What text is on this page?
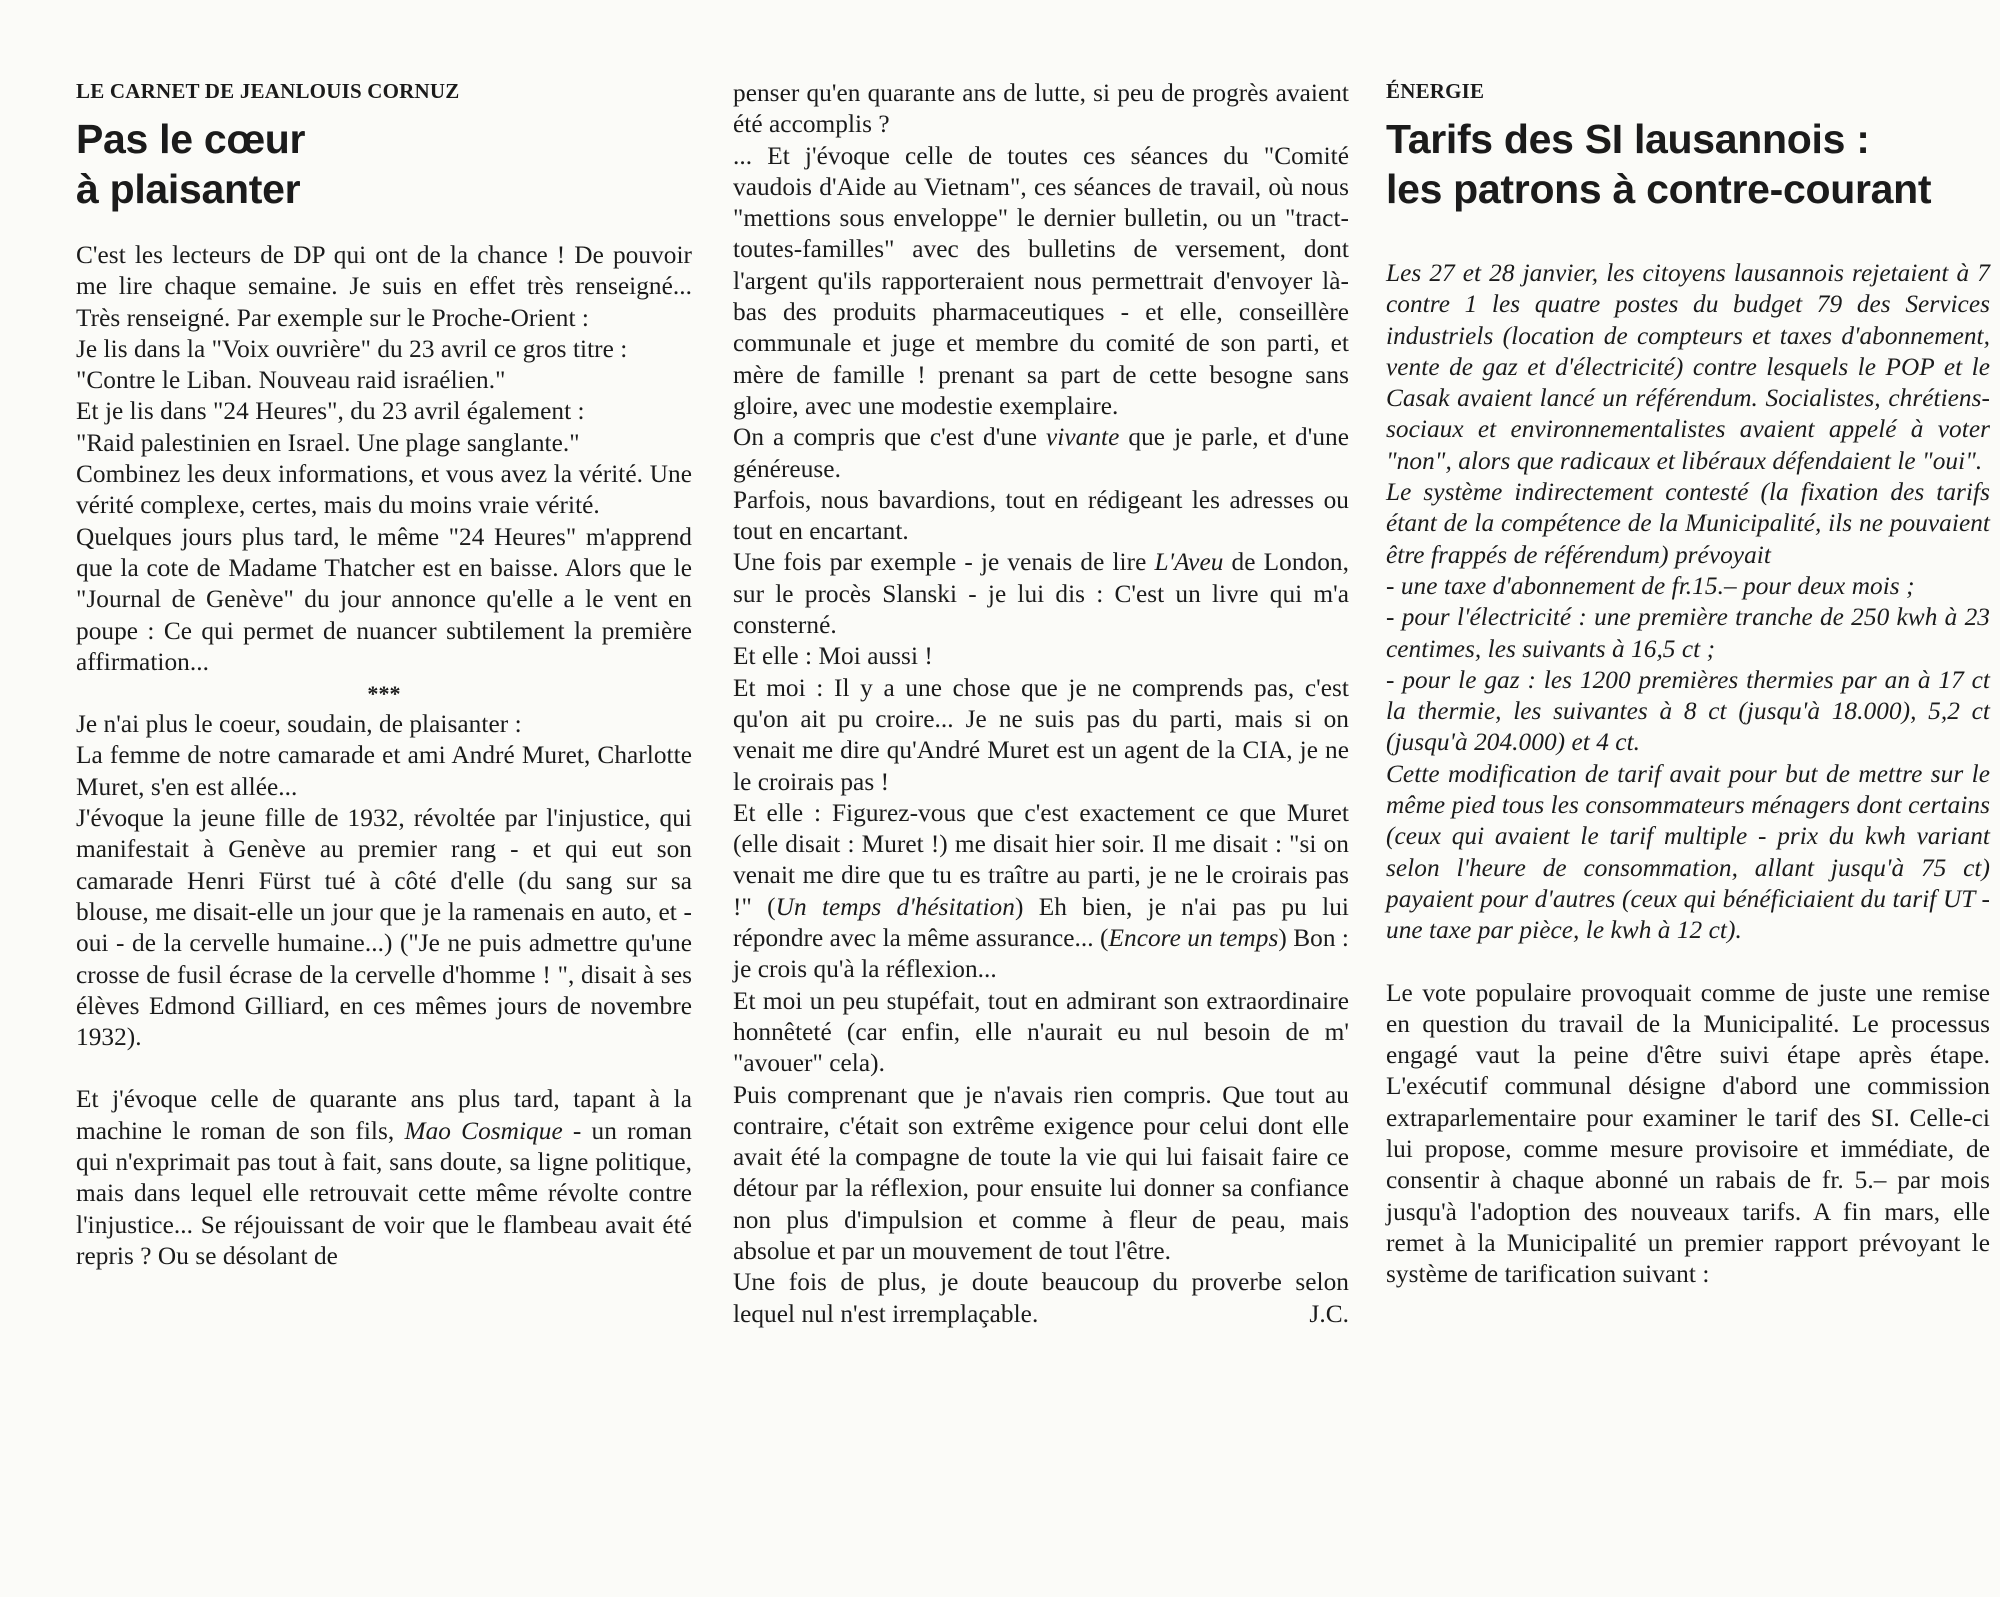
LE CARNET DE JEANLOUIS CORNUZ
Pas le cœur
à plaisanter

C'est les lecteurs de DP qui ont de la chance ! De pouvoir me lire chaque semaine. Je suis en effet très renseigné... Très renseigné. Par exemple sur le Proche-Orient :

Je lis dans la "Voix ouvrière" du 23 avril ce gros titre :

"Contre le Liban. Nouveau raid israélien."

Et je lis dans "24 Heures", du 23 avril également :

"Raid palestinien en Israel. Une plage sanglante."

Combinez les deux informations, et vous avez la vérité. Une vérité complexe, certes, mais du moins vraie vérité.

Quelques jours plus tard, le même "24 Heures" m'apprend que la cote de Madame Thatcher est en baisse. Alors que le "Journal de Genève" du jour annonce qu'elle a le vent en poupe : Ce qui permet de nuancer subtilement la première affirmation...

***

Je n'ai plus le coeur, soudain, de plaisanter :

La femme de notre camarade et ami André Muret, Charlotte Muret, s'en est allée...

J'évoque la jeune fille de 1932, révoltée par l'injustice, qui manifestait à Genève au premier rang - et qui eut son camarade Henri Fürst tué à côté d'elle (du sang sur sa blouse, me disait-elle un jour que je la ramenais en auto, et - oui - de la cervelle humaine...) ("Je ne puis admettre qu'une crosse de fusil écrase de la cervelle d'homme ! ", disait à ses élèves Edmond Gilliard, en ces mêmes jours de novembre 1932).

Et j'évoque celle de quarante ans plus tard, tapant à la machine le roman de son fils, Mao Cosmique - un roman qui n'exprimait pas tout à fait, sans doute, sa ligne politique, mais dans lequel elle retrouvait cette même révolte contre l'injustice... Se réjouissant de voir que le flambeau avait été repris ? Ou se désolant de

penser qu'en quarante ans de lutte, si peu de progrès avaient été accomplis ?

... Et j'évoque celle de toutes ces séances du "Comité vaudois d'Aide au Vietnam", ces séances de travail, où nous "mettions sous enveloppe" le dernier bulletin, ou un "tract-toutes-familles" avec des bulletins de versement, dont l'argent qu'ils rapporteraient nous permettrait d'envoyer là-bas des produits pharmaceutiques - et elle, conseillère communale et juge et membre du comité de son parti, et mère de famille ! prenant sa part de cette besogne sans gloire, avec une modestie exemplaire.

On a compris que c'est d'une vivante que je parle, et d'une généreuse.

Parfois, nous bavardions, tout en rédigeant les adresses ou tout en encartant.

Une fois par exemple - je venais de lire L'Aveu de London, sur le procès Slanski - je lui dis : C'est un livre qui m'a consterné.

Et elle : Moi aussi !

Et moi : Il y a une chose que je ne comprends pas, c'est qu'on ait pu croire... Je ne suis pas du parti, mais si on venait me dire qu'André Muret est un agent de la CIA, je ne le croirais pas !

Et elle : Figurez-vous que c'est exactement ce que Muret (elle disait : Muret !) me disait hier soir. Il me disait : "si on venait me dire que tu es traître au parti, je ne le croirais pas !" (Un temps d'hésitation) Eh bien, je n'ai pas pu lui répondre avec la même assurance... (Encore un temps) Bon : je crois qu'à la réflexion...

Et moi un peu stupéfait, tout en admirant son extraordinaire honnêteté (car enfin, elle n'aurait eu nul besoin de m' "avouer" cela).

Puis comprenant que je n'avais rien compris. Que tout au contraire, c'était son extrême exigence pour celui dont elle avait été la compagne de toute la vie qui lui faisait faire ce détour par la réflexion, pour ensuite lui donner sa confiance non plus d'impulsion et comme à fleur de peau, mais absolue et par un mouvement de tout l'être.

Une fois de plus, je doute beaucoup du proverbe selon lequel nul n'est irremplaçable.	J.C.

ÉNERGIE
Tarifs des SI lausannois :
les patrons à contre-courant

Les 27 et 28 janvier, les citoyens lausannois rejetaient à 7 contre 1 les quatre postes du budget 79 des Services industriels (location de compteurs et taxes d'abonnement, vente de gaz et d'électricité) contre lesquels le POP et le Casak avaient lancé un référendum. Socialistes, chrétiens-sociaux et environnementalistes avaient appelé à voter "non", alors que radicaux et libéraux défendaient le "oui".

Le système indirectement contesté (la fixation des tarifs étant de la compétence de la Municipalité, ils ne pouvaient être frappés de référendum) prévoyait

- une taxe d'abonnement de fr.15.– pour deux mois ;

- pour l'électricité : une première tranche de 250 kwh à 23 centimes, les suivants à 16,5 ct ;

- pour le gaz : les 1200 premières thermies par an à 17 ct la thermie, les suivantes à 8 ct (jusqu'à 18.000), 5,2 ct (jusqu'à 204.000) et 4 ct.

Cette modification de tarif avait pour but de mettre sur le même pied tous les consommateurs ménagers dont certains (ceux qui avaient le tarif multiple - prix du kwh variant selon l'heure de consommation, allant jusqu'à 75 ct) payaient pour d'autres (ceux qui bénéficiaient du tarif UT - une taxe par pièce, le kwh à 12 ct).

Le vote populaire provoquait comme de juste une remise en question du travail de la Municipalité. Le processus engagé vaut la peine d'être suivi étape après étape. L'exécutif communal désigne d'abord une commission extraparlementaire pour examiner le tarif des SI. Celle-ci lui propose, comme mesure provisoire et immédiate, de consentir à chaque abonné un rabais de fr. 5.– par mois jusqu'à l'adoption des nouveaux tarifs. A fin mars, elle remet à la Municipalité un premier rapport prévoyant le système de tarification suivant :
